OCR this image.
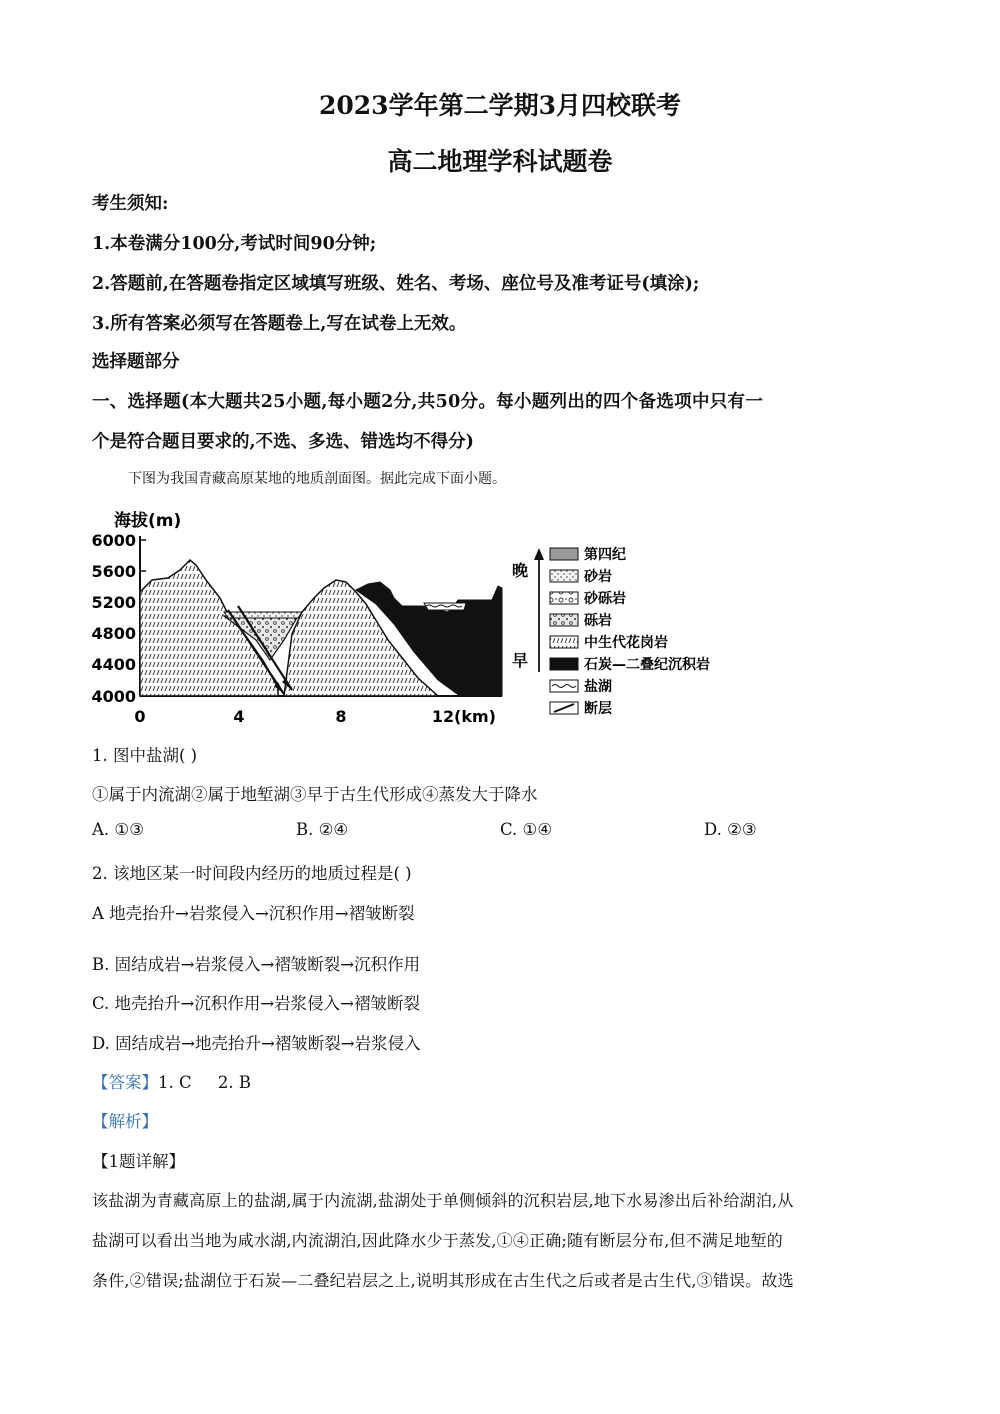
2023学年第二学期3月四校联考
高二地理学科试题卷
考生须知:
1.本卷满分100分,考试时间90分钟;
2.答题前,在答题卷指定区域填写班级、姓名、考场、座位号及准考证号(填涂);
3.所有答案必须写在答题卷上,写在试卷上无效。
选择题部分
一、选择题(本大题共25小题,每小题2分,共50分。每小题列出的四个备选项中只有一
个是符合题目要求的,不选、多选、错选均不得分)
下图为我国青藏高原某地的地质剖面图。据此完成下面小题。
海拔(m)
6000
5600
5200
4800
4400
4000
0	4	8	12 (km)
晚
早
第四纪
砂岩
砂砾岩
砾岩
中生代花岗岩
石炭—二叠纪沉积岩
盐湖
断层
1. 图中盐湖( )
①属于内流湖②属于地堑湖③早于古生代形成④蒸发大于降水
A. ①③	B. ②④	C. ①④	D. ②③
2. 该地区某一时间段内经历的地质过程是( )
A 地壳抬升→岩浆侵入→沉积作用→褶皱断裂
B. 固结成岩→岩浆侵入→褶皱断裂→沉积作用
C. 地壳抬升→沉积作用→岩浆侵入→褶皱断裂
D. 固结成岩→地壳抬升→褶皱断裂→岩浆侵入
【答案】1. C     2. B
【解析】
【1题详解】
该盐湖为青藏高原上的盐湖,属于内流湖,盐湖处于单侧倾斜的沉积岩层,地下水易渗出后补给湖泊,从
盐湖可以看出当地为咸水湖,内流湖泊,因此降水少于蒸发,①④正确;随有断层分布,但不满足地堑的
条件,②错误;盐湖位于石炭—二叠纪岩层之上,说明其形成在古生代之后或者是古生代,③错误。故选
